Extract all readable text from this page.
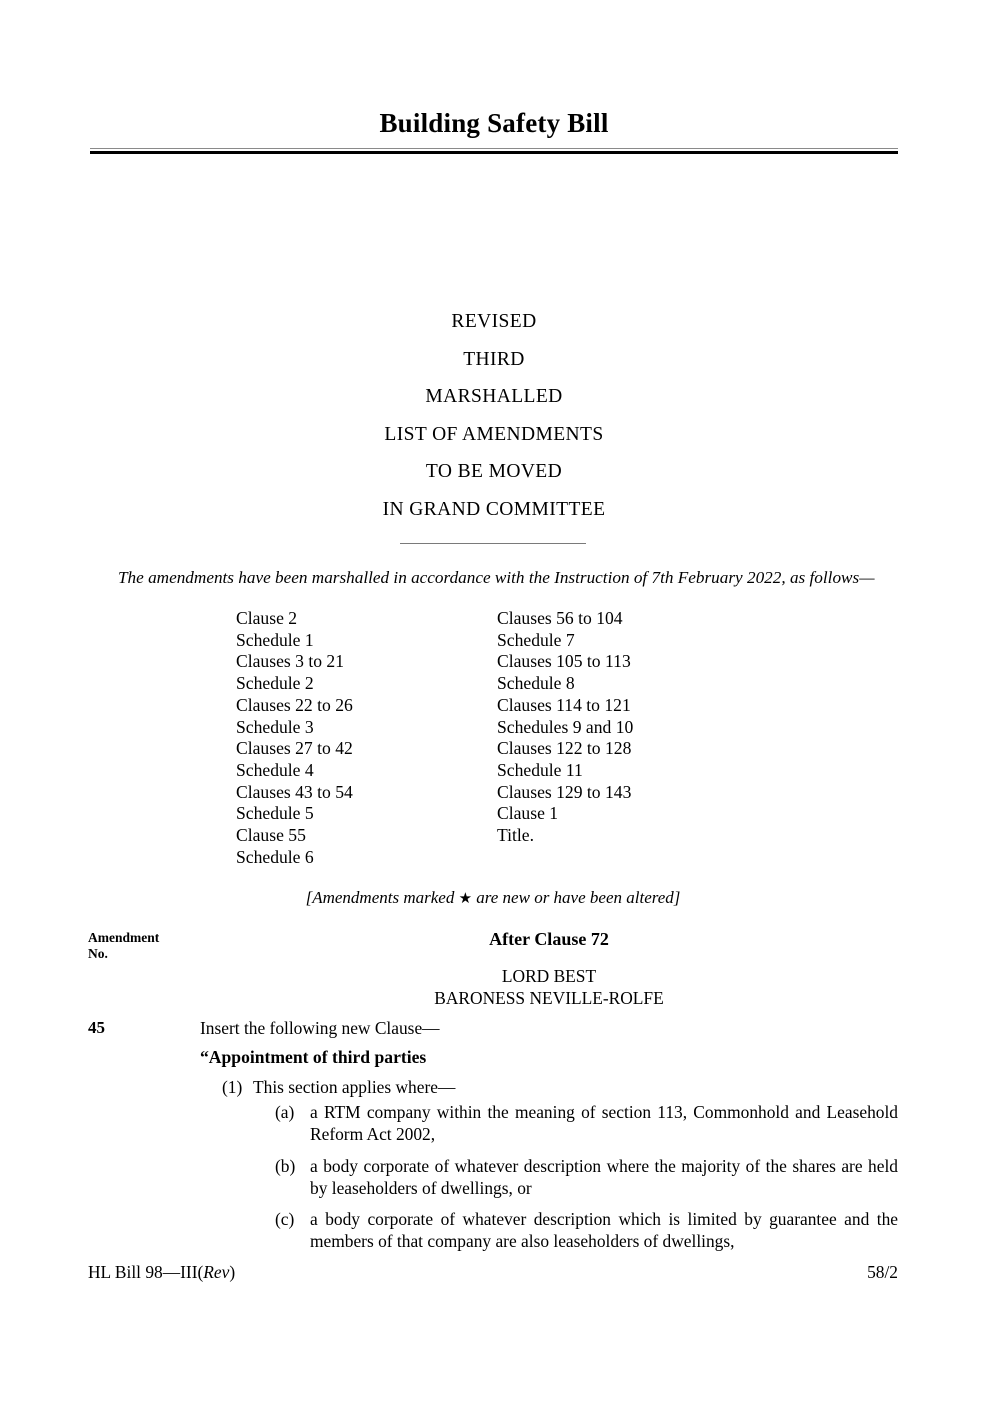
Building Safety Bill
REVISED
THIRD
MARSHALLED
LIST OF AMENDMENTS
TO BE MOVED
IN GRAND COMMITTEE
The amendments have been marshalled in accordance with the Instruction of 7th February 2022, as follows—
Clause 2
Schedule 1
Clauses 3 to 21
Schedule 2
Clauses 22 to 26
Schedule 3
Clauses 27 to 42
Schedule 4
Clauses 43 to 54
Schedule 5
Clause 55
Schedule 6
Clauses 56 to 104
Schedule 7
Clauses 105 to 113
Schedule 8
Clauses 114 to 121
Schedules 9 and 10
Clauses 122 to 128
Schedule 11
Clauses 129 to 143
Clause 1
Title.
[Amendments marked ★ are new or have been altered]
Amendment
No.
After Clause 72
LORD BEST
BARONESS NEVILLE-ROLFE
45	Insert the following new Clause—
“Appointment of third parties
(1) This section applies where—
(a) a RTM company within the meaning of section 113, Commonhold and Leasehold Reform Act 2002,
(b) a body corporate of whatever description where the majority of the shares are held by leaseholders of dwellings, or
(c) a body corporate of whatever description which is limited by guarantee and the members of that company are also leaseholders of dwellings,
HL Bill 98—III(Rev)	58/2
